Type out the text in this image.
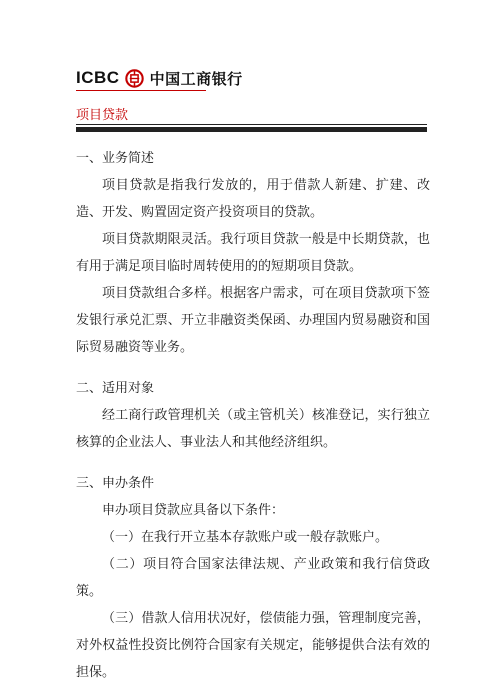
ICBC 中国工商银行
项目贷款
一、业务简述

项目贷款是指我行发放的，用于借款人新建、扩建、改造、开发、购置固定资产投资项目的贷款。

项目贷款期限灵活。我行项目贷款一般是中长期贷款，也有用于满足项目临时周转使用的的短期项目贷款。

项目贷款组合多样。根据客户需求，可在项目贷款项下签发银行承兑汇票、开立非融资类保函、办理国内贸易融资和国际贸易融资等业务。

二、适用对象

经工商行政管理机关（或主管机关）核准登记，实行独立核算的企业法人、事业法人和其他经济组织。

三、申办条件

申办项目贷款应具备以下条件：

（一）在我行开立基本存款账户或一般存款账户。

（二）项目符合国家法律法规、产业政策和我行信贷政策。

（三）借款人信用状况好，偿债能力强，管理制度完善，对外权益性投资比例符合国家有关规定，能够提供合法有效的担保。
